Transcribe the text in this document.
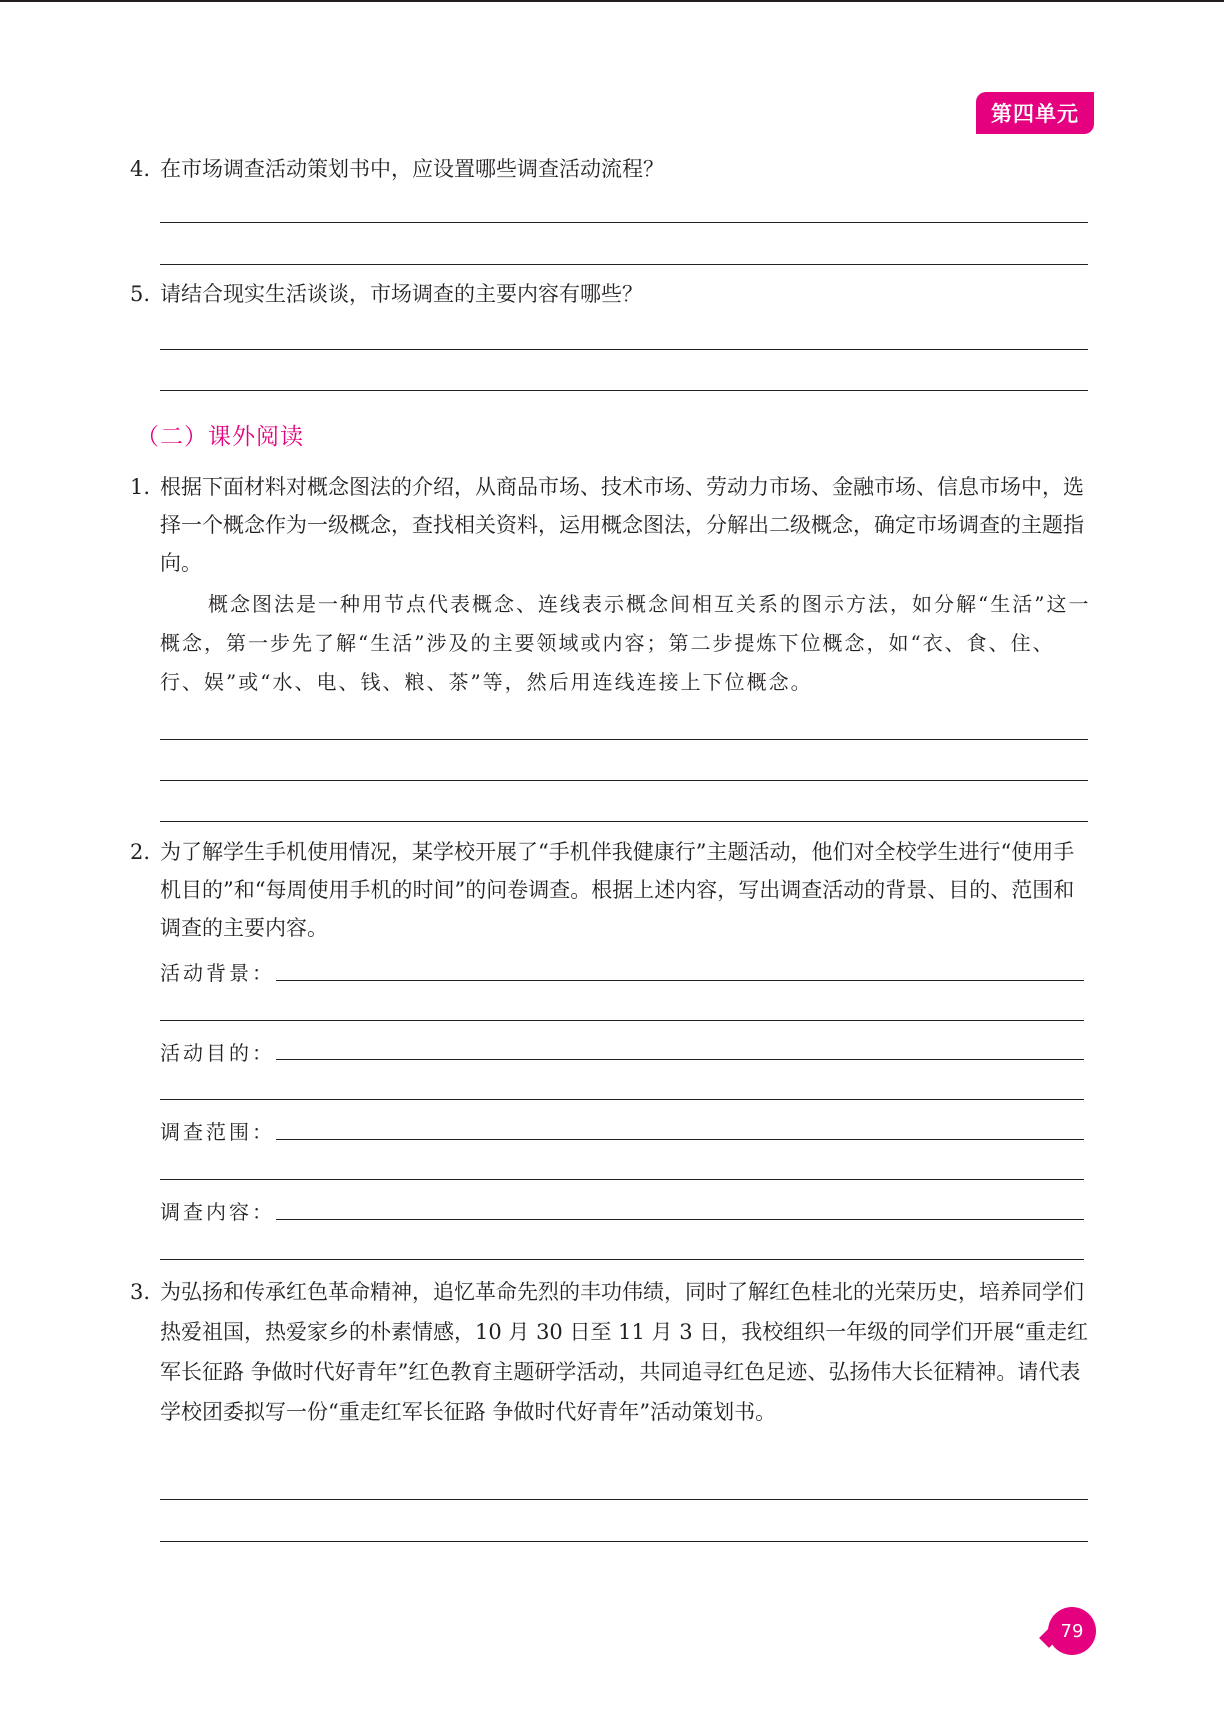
第四单元
4. 在市场调查活动策划书中，应设置哪些调查活动流程？
5. 请结合现实生活谈谈，市场调查的主要内容有哪些？
（二）课外阅读
1. 根据下面材料对概念图法的介绍，从商品市场、技术市场、劳动力市场、金融市场、信息市场中，选择一个概念作为一级概念，查找相关资料，运用概念图法，分解出二级概念，确定市场调查的主题指向。

概念图法是一种用节点代表概念、连线表示概念间相互关系的图示方法，如分解“生活”这一概念，第一步先了解“生活”涉及的主要领域或内容；第二步提炼下位概念，如“衣、食、住、行、娱”或“水、电、钱、粮、茶”等，然后用连线连接上下位概念。

2. 为了解学生手机使用情况，某学校开展了“手机伴我健康行”主题活动，他们对全校学生进行“使用手机目的”和“每周使用手机的时间”的问卷调查。根据上述内容，写出调查活动的背景、目的、范围和调查的主要内容。
活动背景：
活动目的：
调查范围：
调查内容：
3. 为弘扬和传承红色革命精神，追忆革命先烈的丰功伟绩，同时了解红色桂北的光荣历史，培养同学们热爱祖国，热爱家乡的朴素情感，10 月 30 日至 11 月 3 日，我校组织一年级的同学们开展“重走红军长征路 争做时代好青年”红色教育主题研学活动，共同追寻红色足迹、弘扬伟大长征精神。请代表学校团委拟写一份“重走红军长征路 争做时代好青年”活动策划书。
79
